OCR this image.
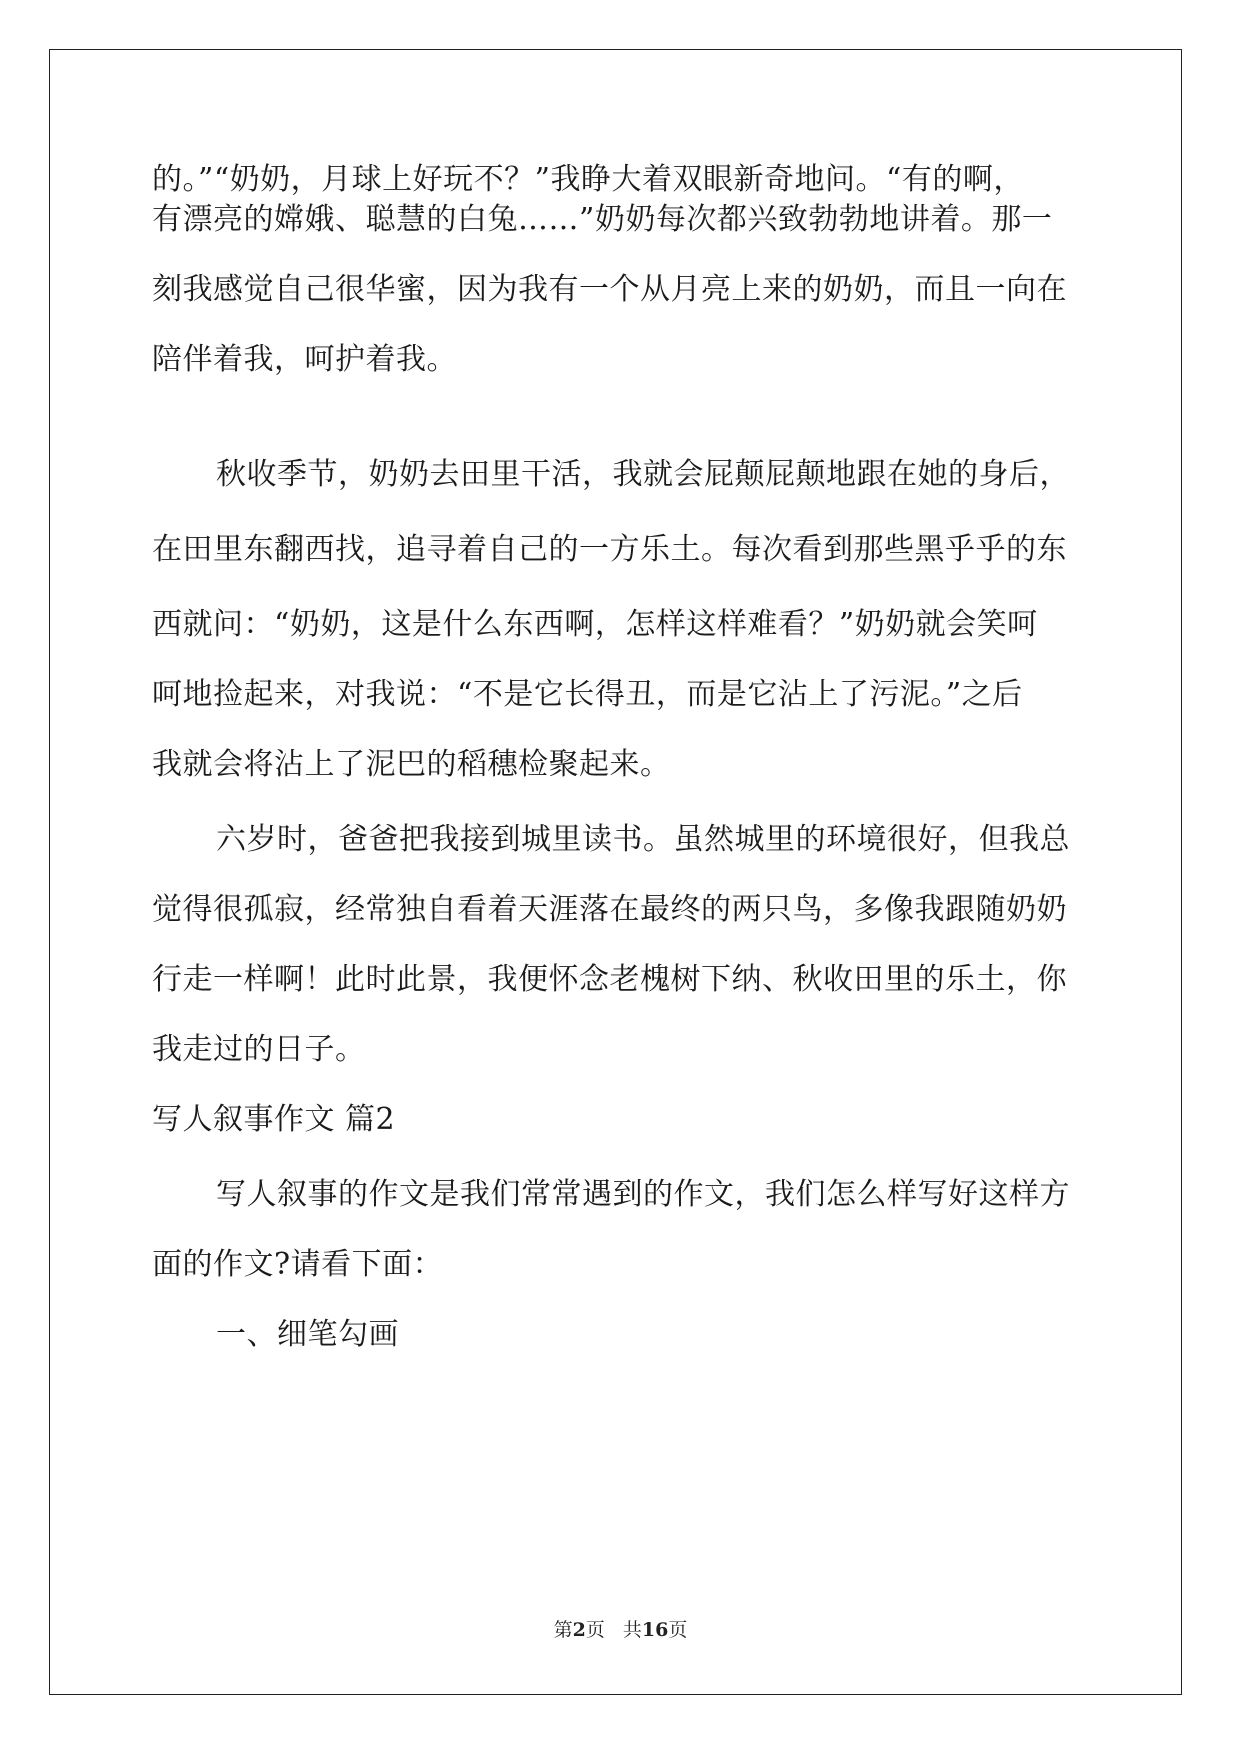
的。”“奶奶，月球上好玩不？”我睁大着双眼新奇地问。“有的啊，
有漂亮的嫦娥、聪慧的白兔……”奶奶每次都兴致勃勃地讲着。那一
刻我感觉自己很华蜜，因为我有一个从月亮上来的奶奶，而且一向在
陪伴着我，呵护着我。
秋收季节，奶奶去田里干活，我就会屁颠屁颠地跟在她的身后，
在田里东翻西找，追寻着自己的一方乐土。每次看到那些黑乎乎的东
西就问：“奶奶，这是什么东西啊，怎样这样难看？”奶奶就会笑呵
呵地捡起来，对我说：“不是它长得丑，而是它沾上了污泥。”之后
我就会将沾上了泥巴的稻穗检聚起来。
六岁时，爸爸把我接到城里读书。虽然城里的环境很好，但我总
觉得很孤寂，经常独自看着天涯落在最终的两只鸟，多像我跟随奶奶
行走一样啊！此时此景，我便怀念老槐树下纳、秋收田里的乐土，你
我走过的日子。
写人叙事作文 篇2
写人叙事的作文是我们常常遇到的作文，我们怎么样写好这样方
面的作文?请看下面：
一、细笔勾画
第2页 共16页
